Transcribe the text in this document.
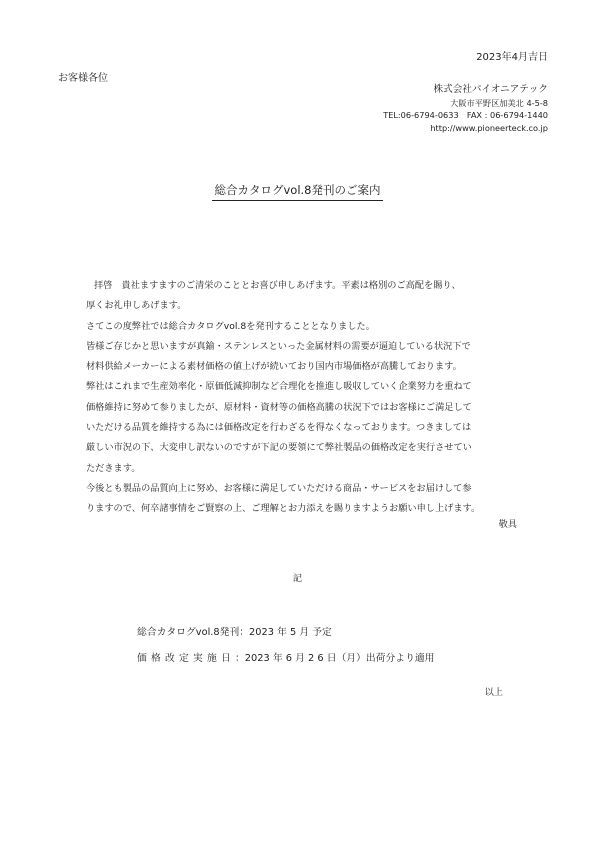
2023年4月吉日
お客様各位
株式会社パイオニアテック
大阪市平野区加美北 4-5-8
TEL:06-6794-0633　FAX : 06-6794-1440
http://www.pioneerteck.co.jp
総合カタログvol.8発刊のご案内
拝啓　貴社ますますのご清栄のこととお喜び申しあげます。平素は格別のご高配を賜り、
厚くお礼申しあげます。
さてこの度弊社では総合カタログvol.8を発刊することとなりました。
皆様ご存じかと思いますが真鍮・ステンレスといった金属材料の需要が逼迫している状況下で
材料供給メーカーによる素材価格の値上げが続いており国内市場価格が高騰しております。
弊社はこれまで生産効率化・原価低減抑制など合理化を推進し吸収していく企業努力を重ねて
価格維持に努めて参りましたが、原材料・資材等の価格高騰の状況下ではお客様にご満足して
いただける品質を維持する為には価格改定を行わざるを得なくなっております。つきましては
厳しい市況の下、大変申し訳ないのですが下記の要領にて弊社製品の価格改定を実行させてい
ただきます。
今後とも製品の品質向上に努め、お客様に満足していただける商品・サービスをお届けして参
りますので、何卒諸事情をご賢察の上、ご理解とお力添えを賜りますようお願い申し上げます。
敬具
記
総合カタログvol.8発刊：2023 年 5 月 予定
価格改定実施日：2023 年 6 月 2 6 日（月）出荷分より適用
以上
